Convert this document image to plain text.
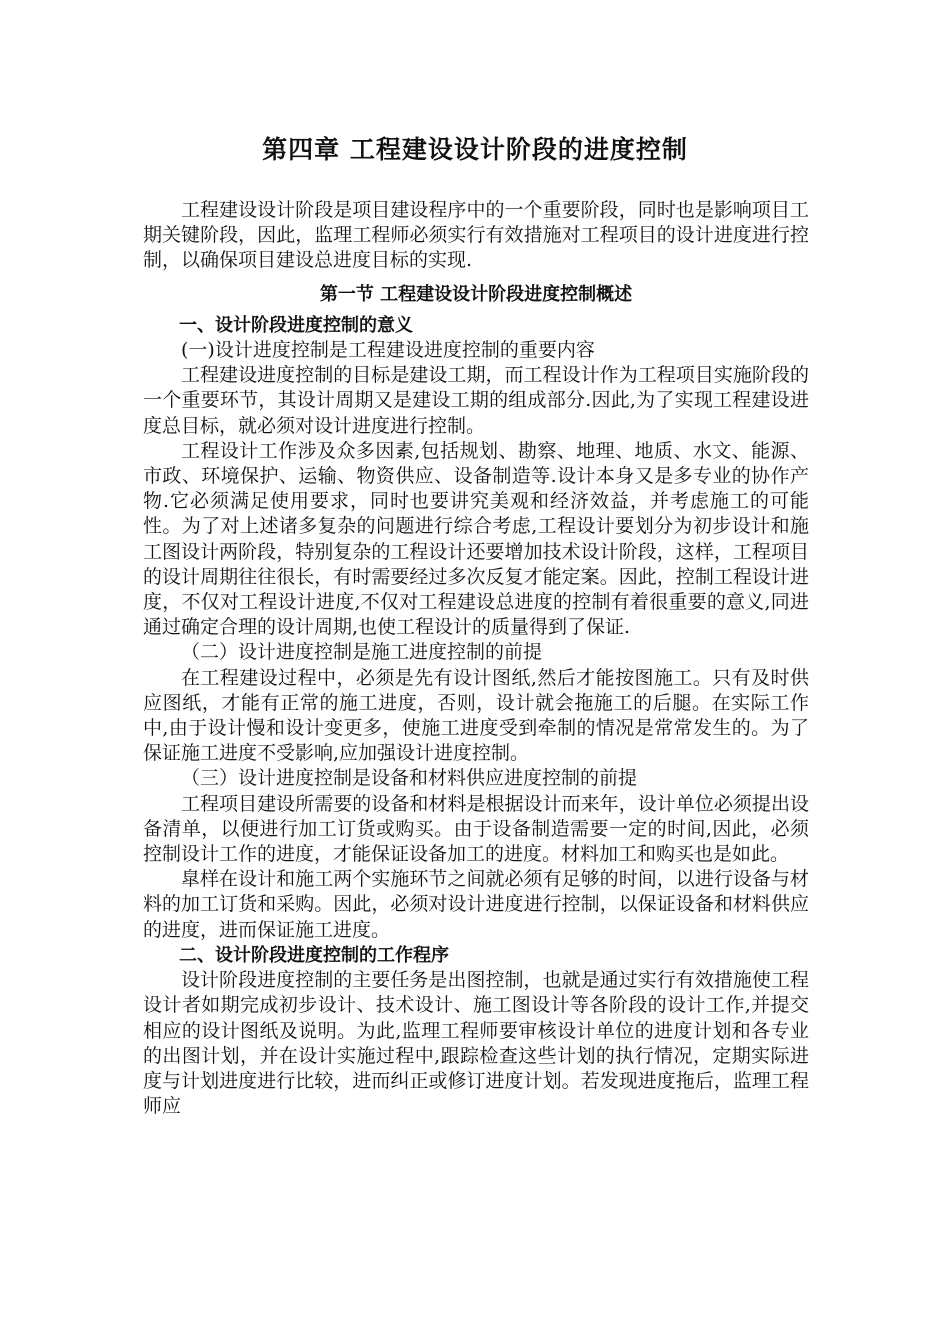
第四章 工程建设设计阶段的进度控制

工程建设设计阶段是项目建设程序中的一个重要阶段，同时也是影响项目工期关键阶段，因此，监理工程师必须实行有效措施对工程项目的设计进度进行控制，以确保项目建设总进度目标的实现.

第一节 工程建设设计阶段进度控制概述

一、设计阶段进度控制的意义

(一)设计进度控制是工程建设进度控制的重要内容

工程建设进度控制的目标是建设工期，而工程设计作为工程项目实施阶段的一个重要环节，其设计周期又是建设工期的组成部分.因此,为了实现工程建设进度总目标，就必须对设计进度进行控制。

工程设计工作涉及众多因素,包括规划、勘察、地理、地质、水文、能源、市政、环境保护、运输、物资供应、设备制造等.设计本身又是多专业的协作产物.它必须满足使用要求，同时也要讲究美观和经济效益，并考虑施工的可能性。为了对上述诸多复杂的问题进行综合考虑,工程设计要划分为初步设计和施工图设计两阶段，特别复杂的工程设计还要增加技术设计阶段，这样，工程项目的设计周期往往很长，有时需要经过多次反复才能定案。因此，控制工程设计进度，不仅对工程设计进度,不仅对工程建设总进度的控制有着很重要的意义,同进通过确定合理的设计周期,也使工程设计的质量得到了保证.

（二）设计进度控制是施工进度控制的前提

在工程建设过程中，必须是先有设计图纸,然后才能按图施工。只有及时供应图纸，才能有正常的施工进度，否则，设计就会拖施工的后腿。在实际工作中,由于设计慢和设计变更多，使施工进度受到牵制的情况是常常发生的。为了保证施工进度不受影响,应加强设计进度控制。

（三）设计进度控制是设备和材料供应进度控制的前提

工程项目建设所需要的设备和材料是根据设计而来年，设计单位必须提出设备清单，以便进行加工订货或购买。由于设备制造需要一定的时间,因此，必须控制设计工作的进度，才能保证设备加工的进度。材料加工和购买也是如此。

皐样在设计和施工两个实施环节之间就必须有足够的时间，以进行设备与材料的加工订货和采购。因此，必须对设计进度进行控制，以保证设备和材料供应的进度，进而保证施工进度。

二、设计阶段进度控制的工作程序

设计阶段进度控制的主要任务是出图控制，也就是通过实行有效措施使工程设计者如期完成初步设计、技术设计、施工图设计等各阶段的设计工作,并提交相应的设计图纸及说明。为此,监理工程师要审核设计单位的进度计划和各专业的出图计划，并在设计实施过程中,跟踪检查这些计划的执行情况，定期实际进度与计划进度进行比较，进而纠正或修订进度计划。若发现进度拖后，监理工程师应
